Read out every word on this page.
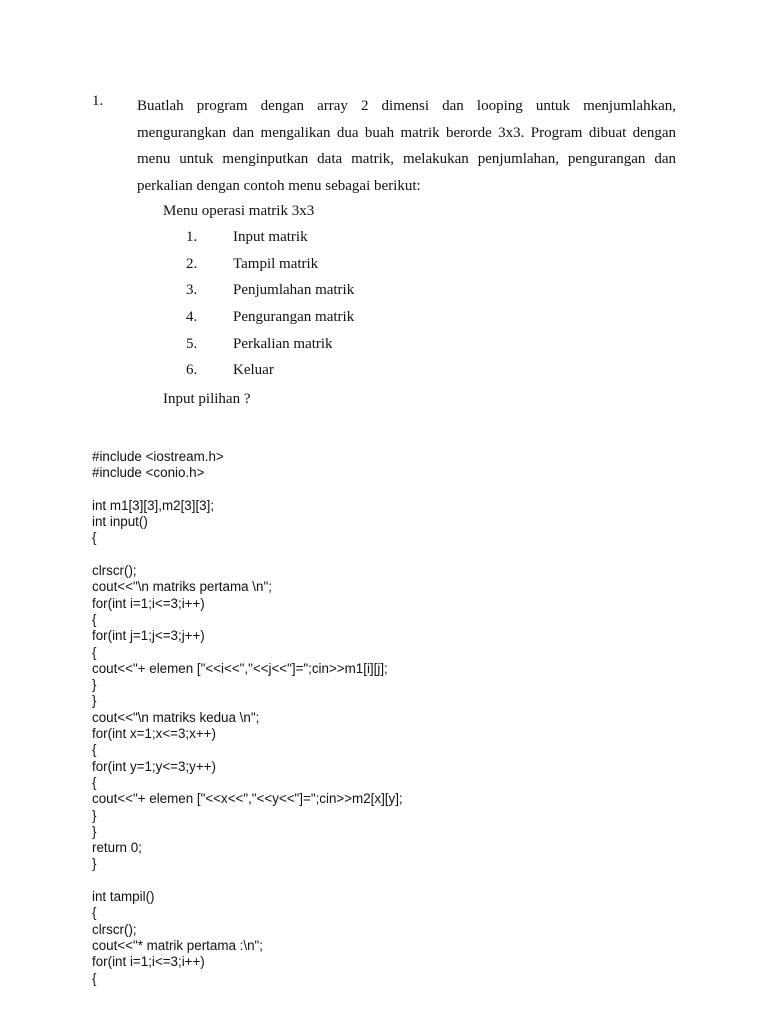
1. Buatlah program dengan array 2 dimensi dan looping untuk menjumlahkan, mengurangkan dan mengalikan dua buah matrik berorde 3x3. Program dibuat dengan menu untuk menginputkan data matrik, melakukan penjumlahan, pengurangan dan perkalian dengan contoh menu sebagai berikut:
Menu operasi matrik 3x3
1. Input matrik
2. Tampil matrik
3. Penjumlahan matrik
4. Pengurangan matrik
5. Perkalian matrik
6. Keluar
Input pilihan ?
#include <iostream.h>
#include <conio.h>
int m1[3][3],m2[3][3];
int input()
{
clrscr();
cout<<"\n matriks pertama \n";
for(int i=1;i<=3;i++)
{
for(int j=1;j<=3;j++)
{
cout<<"+ elemen ["<<i<<","<<j<<"]=";cin>>m1[i][j];
}
}
cout<<"\n matriks kedua \n";
for(int x=1;x<=3;x++)
{
for(int y=1;y<=3;y++)
{
cout<<"+ elemen ["<<x<<","<<y<<"]=";cin>>m2[x][y];
}
}
return 0;
}
int tampil()
{
clrscr();
cout<<"* matrik pertama :\n";
for(int i=1;i<=3;i++)
{
